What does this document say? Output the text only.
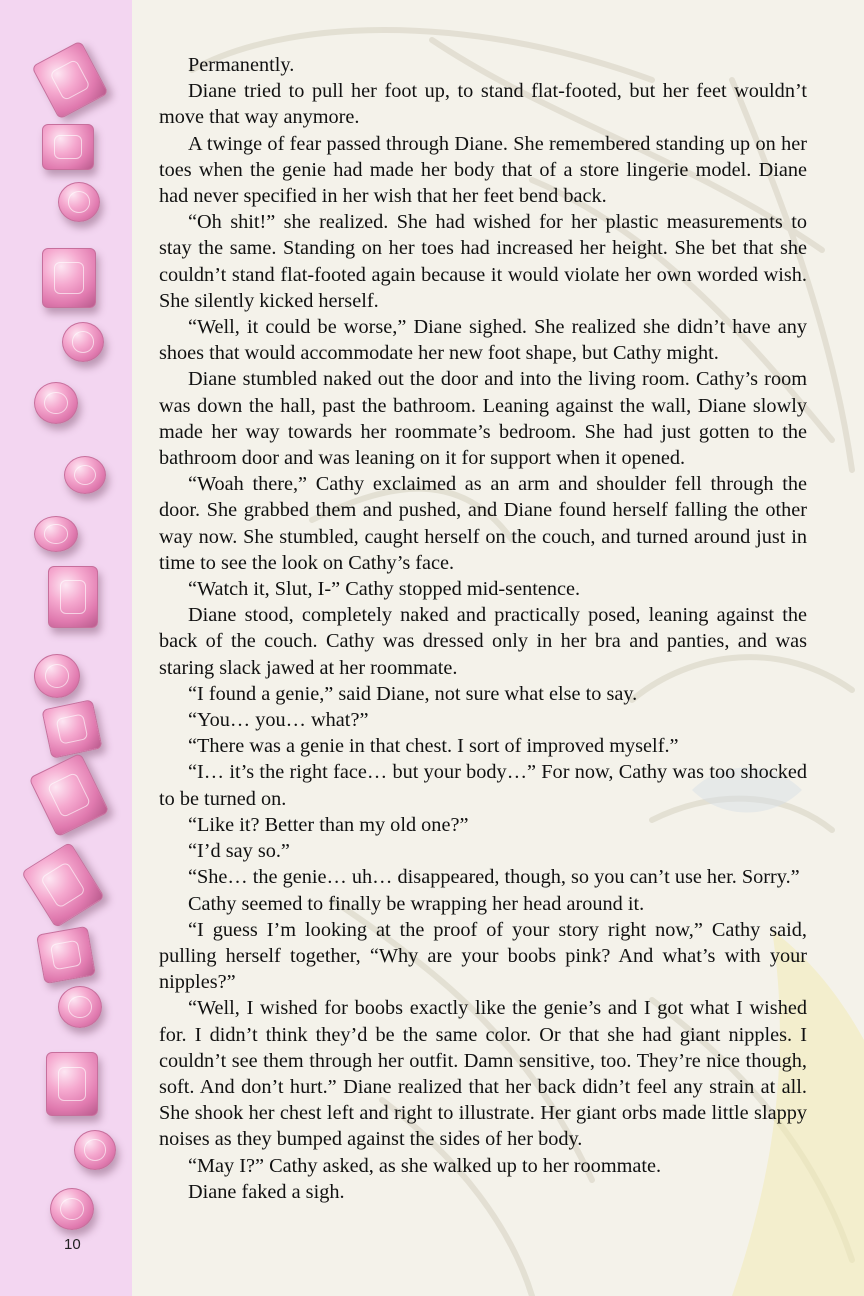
10

Permanently.

Diane tried to pull her foot up, to stand flat-footed, but her feet wouldn’t move that way anymore.

A twinge of fear passed through Diane. She remembered standing up on her toes when the genie had made her body that of a store lingerie model. Diane had never specified in her wish that her feet bend back.

“Oh shit!” she realized. She had wished for her plastic measurements to stay the same. Standing on her toes had increased her height. She bet that she couldn’t stand flat-footed again because it would violate her own worded wish. She silently kicked herself.

“Well, it could be worse,” Diane sighed. She realized she didn’t have any shoes that would accommodate her new foot shape, but Cathy might.

Diane stumbled naked out the door and into the living room. Cathy’s room was down the hall, past the bathroom. Leaning against the wall, Diane slowly made her way towards her roommate’s bedroom. She had just gotten to the bathroom door and was leaning on it for support when it opened.

“Woah there,” Cathy exclaimed as an arm and shoulder fell through the door. She grabbed them and pushed, and Diane found herself falling the other way now. She stumbled, caught herself on the couch, and turned around just in time to see the look on Cathy’s face.

“Watch it, Slut, I-” Cathy stopped mid-sentence.

Diane stood, completely naked and practically posed, leaning against the back of the couch. Cathy was dressed only in her bra and panties, and was staring slack jawed at her roommate.

“I found a genie,” said Diane, not sure what else to say.

“You… you… what?”

“There was a genie in that chest. I sort of improved myself.”

“I… it’s the right face… but your body…” For now, Cathy was too shocked to be turned on.

“Like it? Better than my old one?”

“I’d say so.”

“She… the genie… uh… disappeared, though, so you can’t use her. Sorry.”

Cathy seemed to finally be wrapping her head around it.

“I guess I’m looking at the proof of your story right now,” Cathy said, pulling herself together, “Why are your boobs pink? And what’s with your nipples?”

“Well, I wished for boobs exactly like the genie’s and I got what I wished for. I didn’t think they’d be the same color. Or that she had giant nipples. I couldn’t see them through her outfit. Damn sensitive, too. They’re nice though, soft. And don’t hurt.” Diane realized that her back didn’t feel any strain at all. She shook her chest left and right to illustrate. Her giant orbs made little slappy noises as they bumped against the sides of her body.

“May I?” Cathy asked, as she walked up to her roommate.

Diane faked a sigh.
